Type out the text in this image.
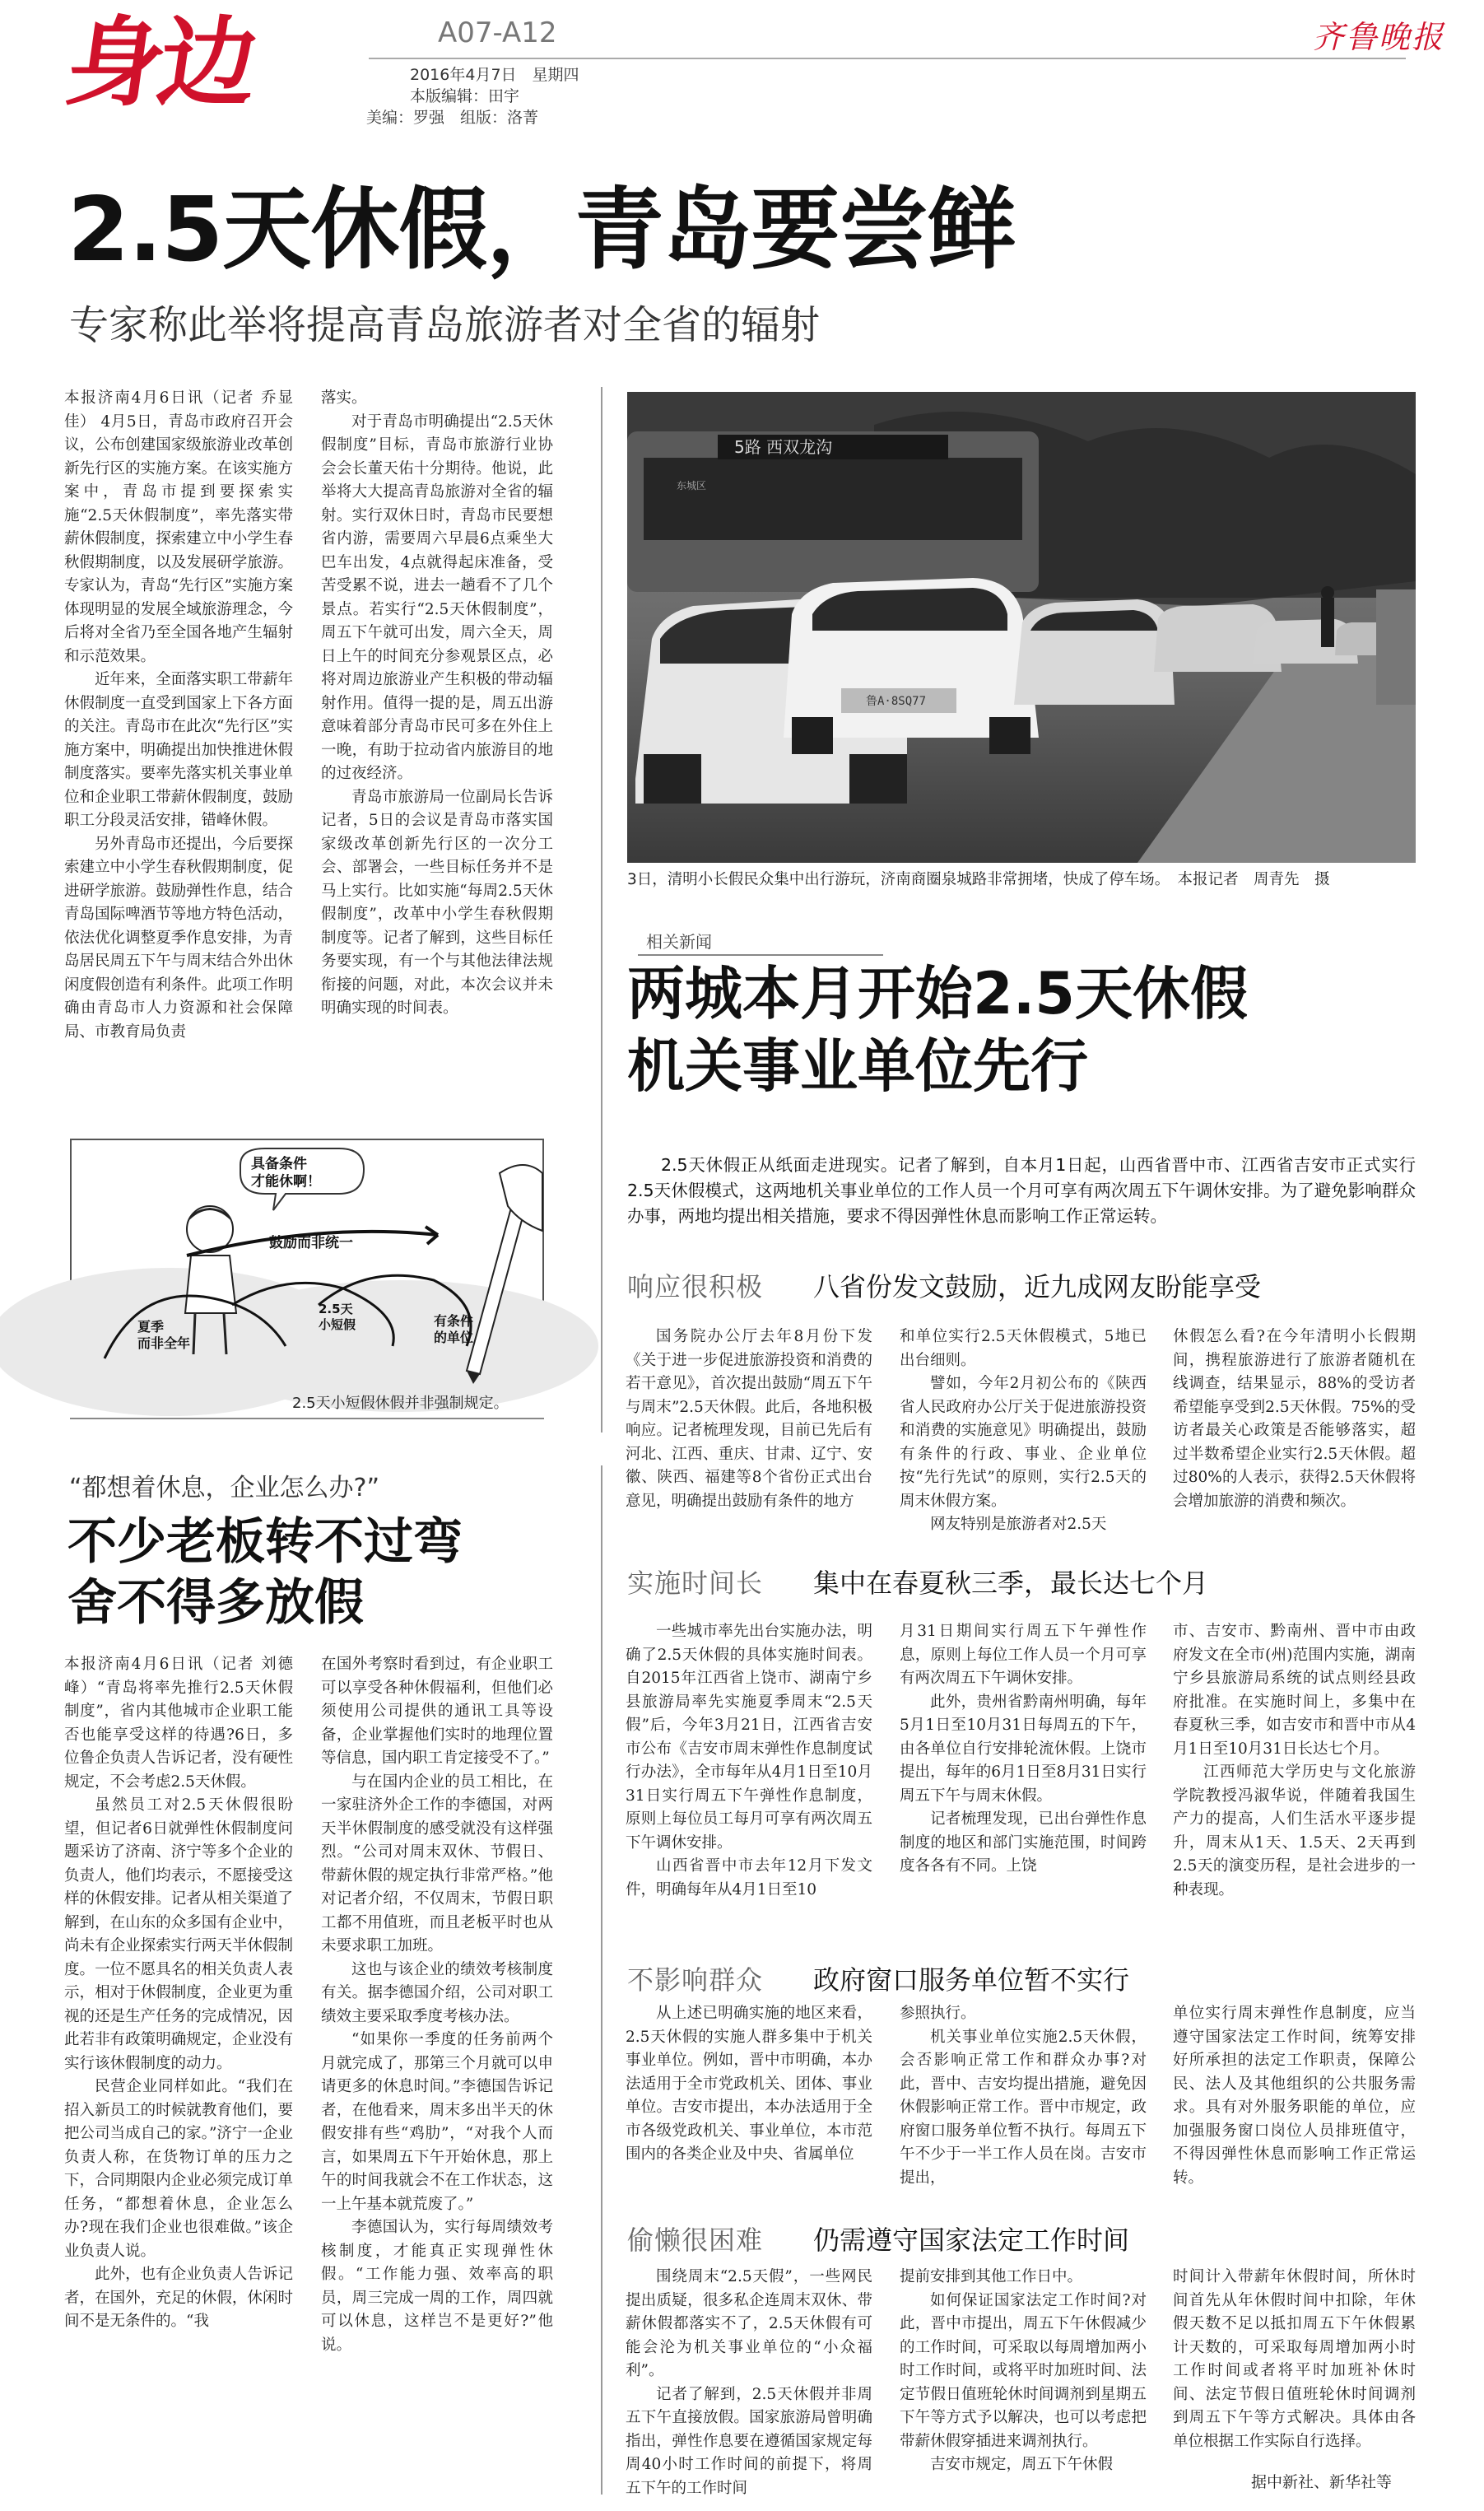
身边	A07-A12
2016年4月7日　星期四
本版编辑：田宇
美编：罗强　组版：洛菁
齐鲁晚报
2.5天休假，青岛要尝鲜
专家称此举将提高青岛旅游者对全省的辐射

本报济南4月6日讯（记者 乔显佳） 4月5日，青岛市政府召开会议，公布创建国家级旅游业改革创新先行区的实施方案。在该实施方案中，青岛市提到要探索实施“2.5天休假制度”，率先落实带薪休假制度，探索建立中小学生春秋假期制度，以及发展研学旅游。专家认为，青岛“先行区”实施方案体现明显的发展全域旅游理念，今后将对全省乃至全国各地产生辐射和示范效果。

近年来，全面落实职工带薪年休假制度一直受到国家上下各方面的关注。青岛市在此次“先行区”实施方案中，明确提出加快推进休假制度落实。要率先落实机关事业单位和企业职工带薪休假制度，鼓励职工分段灵活安排，错峰休假。

另外青岛市还提出，今后要探索建立中小学生春秋假期制度，促进研学旅游。鼓励弹性作息，结合青岛国际啤酒节等地方特色活动，依法优化调整夏季作息安排，为青岛居民周五下午与周末结合外出休闲度假创造有利条件。此项工作明确由青岛市人力资源和社会保障局、市教育局负责

落实。

对于青岛市明确提出“2.5天休假制度”目标，青岛市旅游行业协会会长董天佑十分期待。他说，此举将大大提高青岛旅游对全省的辐射。实行双休日时，青岛市民要想省内游，需要周六早晨6点乘坐大巴车出发，4点就得起床准备，受苦受累不说，进去一趟看不了几个景点。若实行“2.5天休假制度”，周五下午就可出发，周六全天，周日上午的时间充分参观景区点，必将对周边旅游业产生积极的带动辐射作用。值得一提的是，周五出游意味着部分青岛市民可多在外住上一晚，有助于拉动省内旅游目的地的过夜经济。

青岛市旅游局一位副局长告诉记者，5日的会议是青岛市落实国家级改革创新先行区的一次分工会、部署会，一些目标任务并不是马上实行。比如实施“每周2.5天休假制度”，改革中小学生春秋假期制度等。记者了解到，这些目标任务要实现，有一个与其他法律法规衔接的问题，对此，本次会议并未明确实现的时间表。

5路 西双龙沟
东城区
鲁A·8SQ77
3日，清明小长假民众集中出行游玩，济南商圈泉城路非常拥堵，快成了停车场。　本报记者　周青先　摄
具备条件才能休啊！
鼓励而非统一
夏季而非全年
2.5天小短假	有条件的单位
2.5天小短假休假并非强制规定。
“都想着休息，企业怎么办?”
不少老板转不过弯
舍不得多放假

本报济南4月6日讯（记者 刘德峰）“青岛将率先推行2.5天休假制度”，省内其他城市企业职工能否也能享受这样的待遇?6日，多位鲁企负责人告诉记者，没有硬性规定，不会考虑2.5天休假。

虽然员工对2.5天休假很盼望，但记者6日就弹性休假制度问题采访了济南、济宁等多个企业的负责人，他们均表示，不愿接受这样的休假安排。记者从相关渠道了解到，在山东的众多国有企业中，尚未有企业探索实行两天半休假制度。一位不愿具名的相关负责人表示，相对于休假制度，企业更为重视的还是生产任务的完成情况，因此若非有政策明确规定，企业没有实行该休假制度的动力。

民营企业同样如此。“我们在招入新员工的时候就教育他们，要把公司当成自己的家。”济宁一企业负责人称，在货物订单的压力之下，合同期限内企业必须完成订单任务，“都想着休息，企业怎么办?现在我们企业也很难做。”该企业负责人说。

此外，也有企业负责人告诉记者，在国外，充足的休假，休闲时间不是无条件的。“我

在国外考察时看到过，有企业职工可以享受各种休假福利，但他们必须使用公司提供的通讯工具等设备，企业掌握他们实时的地理位置等信息，国内职工肯定接受不了。”

与在国内企业的员工相比，在一家驻济外企工作的李德国，对两天半休假制度的感受就没有这样强烈。“公司对周末双休、节假日、带薪休假的规定执行非常严格。”他对记者介绍，不仅周末，节假日职工都不用值班，而且老板平时也从未要求职工加班。

这也与该企业的绩效考核制度有关。据李德国介绍，公司对职工绩效主要采取季度考核办法。

“如果你一季度的任务前两个月就完成了，那第三个月就可以申请更多的休息时间。”李德国告诉记者，在他看来，周末多出半天的休假安排有些“鸡肋”，“对我个人而言，如果周五下午开始休息，那上午的时间我就会不在工作状态，这一上午基本就荒废了。”

李德国认为，实行每周绩效考核制度，才能真正实现弹性休假。“工作能力强、效率高的职员，周三完成一周的工作，周四就可以休息，这样岂不是更好?”他说。

相关新闻
两城本月开始2.5天休假
机关事业单位先行

2.5天休假正从纸面走进现实。记者了解到，自本月1日起，山西省晋中市、江西省吉安市正式实行2.5天休假模式，这两地机关事业单位的工作人员一个月可享有两次周五下午调休安排。为了避免影响群众办事，两地均提出相关措施，要求不得因弹性休息而影响工作正常运转。

响应很积极 八省份发文鼓励，近九成网友盼能享受

国务院办公厅去年8月份下发《关于进一步促进旅游投资和消费的若干意见》，首次提出鼓励“周五下午与周末”2.5天休假。此后，各地积极响应。记者梳理发现，目前已先后有河北、江西、重庆、甘肃、辽宁、安徽、陕西、福建等8个省份正式出台意见，明确提出鼓励有条件的地方

和单位实行2.5天休假模式，5地已出台细则。

譬如，今年2月初公布的《陕西省人民政府办公厅关于促进旅游投资和消费的实施意见》明确提出，鼓励有条件的行政、事业、企业单位按“先行先试”的原则，实行2.5天的周末休假方案。

网友特别是旅游者对2.5天

休假怎么看?在今年清明小长假期间，携程旅游进行了旅游者随机在线调查，结果显示，88%的受访者希望能享受到2.5天休假。75%的受访者最关心政策是否能够落实，超过半数希望企业实行2.5天休假。超过80%的人表示，获得2.5天休假将会增加旅游的消费和频次。

实施时间长 集中在春夏秋三季，最长达七个月

一些城市率先出台实施办法，明确了2.5天休假的具体实施时间表。自2015年江西省上饶市、湖南宁乡县旅游局率先实施夏季周末“2.5天假”后，今年3月21日，江西省吉安市公布《吉安市周末弹性作息制度试行办法》，全市每年从4月1日至10月31日实行周五下午弹性作息制度，原则上每位员工每月可享有两次周五下午调休安排。

山西省晋中市去年12月下发文件，明确每年从4月1日至10

月31日期间实行周五下午弹性作息，原则上每位工作人员一个月可享有两次周五下午调休安排。

此外，贵州省黔南州明确，每年5月1日至10月31日每周五的下午，由各单位自行安排轮流休假。上饶市提出，每年的6月1日至8月31日实行周五下午与周末休假。

记者梳理发现，已出台弹性作息制度的地区和部门实施范围，时间跨度各各有不同。上饶

市、吉安市、黔南州、晋中市由政府发文在全市(州)范围内实施，湖南宁乡县旅游局系统的试点则经县政府批准。在实施时间上，多集中在春夏秋三季，如吉安市和晋中市从4月1日至10月31日长达七个月。

江西师范大学历史与文化旅游学院教授冯淑华说，伴随着我国生产力的提高，人们生活水平逐步提升，周末从1天、1.5天、2天再到2.5天的演变历程，是社会进步的一种表现。

不影响群众 政府窗口服务单位暂不实行

从上述已明确实施的地区来看，2.5天休假的实施人群多集中于机关事业单位。例如，晋中市明确，本办法适用于全市党政机关、团体、事业单位。吉安市提出，本办法适用于全市各级党政机关、事业单位，本市范围内的各类企业及中央、省属单位

参照执行。

机关事业单位实施2.5天休假，会否影响正常工作和群众办事?对此，晋中、吉安均提出措施，避免因休假影响正常工作。晋中市规定，政府窗口服务单位暂不执行。每周五下午不少于一半工作人员在岗。吉安市提出，

单位实行周末弹性作息制度，应当遵守国家法定工作时间，统筹安排好所承担的法定工作职责，保障公民、法人及其他组织的公共服务需求。具有对外服务职能的单位，应加强服务窗口岗位人员排班值守，不得因弹性休息而影响工作正常运转。

偷懒很困难 仍需遵守国家法定工作时间

围绕周末“2.5天假”，一些网民提出质疑，很多私企连周末双休、带薪休假都落实不了，2.5天休假有可能会沦为机关事业单位的“小众福利”。

记者了解到，2.5天休假并非周五下午直接放假。国家旅游局曾明确指出，弹性作息要在遵循国家规定每周40小时工作时间的前提下，将周五下午的工作时间

提前安排到其他工作日中。

如何保证国家法定工作时间?对此，晋中市提出，周五下午休假减少的工作时间，可采取以每周增加两小时工作时间，或将平时加班时间、法定节假日值班轮休时间调剂到星期五下午等方式予以解决，也可以考虑把带薪休假穿插进来调剂执行。

吉安市规定，周五下午休假

时间计入带薪年休假时间，所休时间首先从年休假时间中扣除，年休假天数不足以抵扣周五下午休假累计天数的，可采取每周增加两小时工作时间或者将平时加班补休时间、法定节假日值班轮休时间调剂到周五下午等方式解决。具体由各单位根据工作实际自行选择。

据中新社、新华社等
